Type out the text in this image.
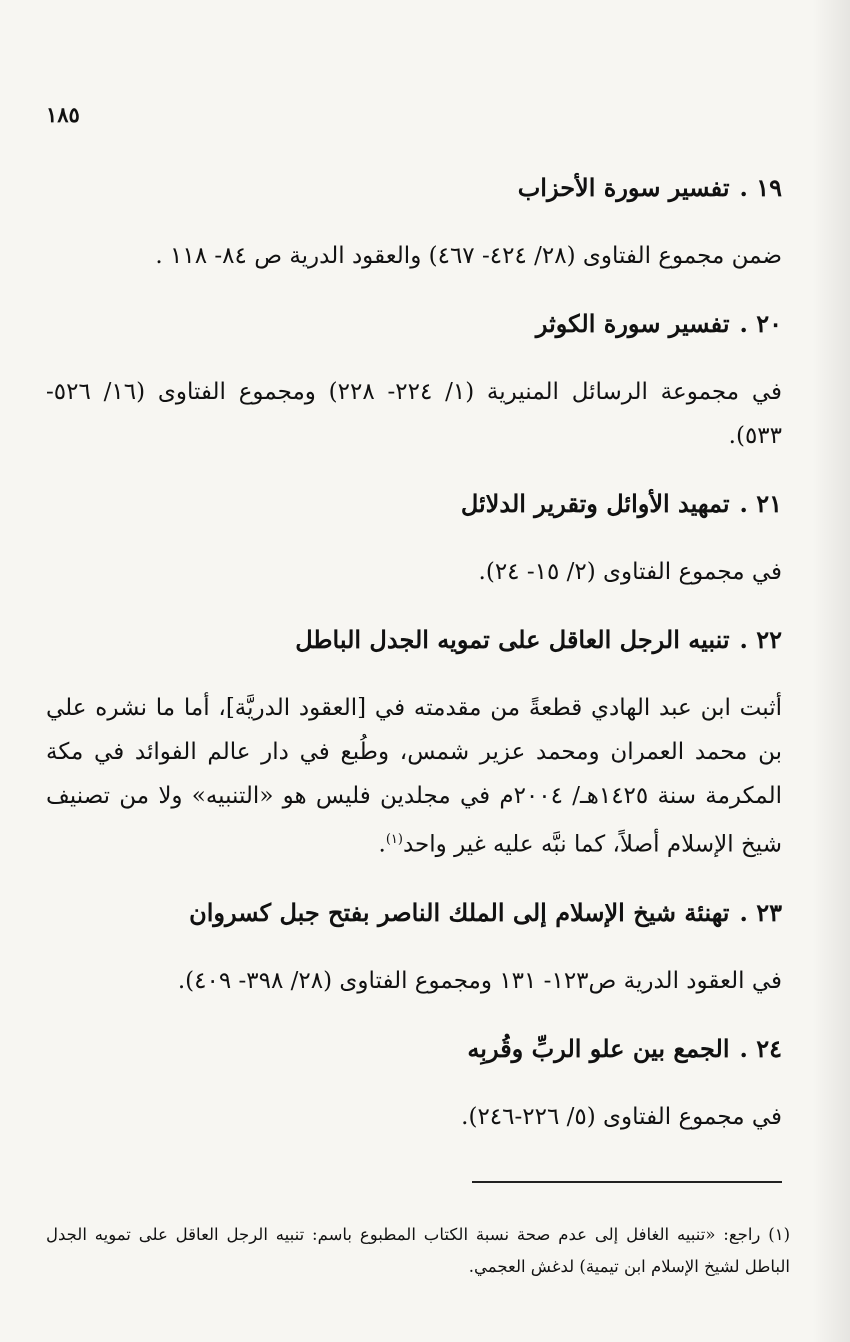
١٨٥

١٩ .تفسير سورة الأحزاب

ضمن مجموع الفتاوى (٢٨/ ٤٢٤- ٤٦٧) والعقود الدرية ص ٨٤- ١١٨ .

٢٠ .تفسير سورة الكوثر

في مجموعة الرسائل المنيرية (١/ ٢٢٤- ٢٢٨) ومجموع الفتاوى (١٦/ ٥٢٦- ٥٣٣).

٢١ .تمهيد الأوائل وتقرير الدلائل

في مجموع الفتاوى (٢/ ١٥- ٢٤).

٢٢ .تنبيه الرجل العاقل على تمويه الجدل الباطل

أثبت ابن عبد الهادي قطعةً من مقدمته في [العقود الدريَّة]، أما ما نشره علي بن محمد العمران ومحمد عزير شمس، وطُبع في دار عالم الفوائد في مكة المكرمة سنة ١٤٢٥هـ/ ٢٠٠٤م في مجلدين فليس هو «التنبيه» ولا من تصنيف شيخ الإسلام أصلاً، كما نبَّه عليه غير واحد$^{(١)}$.

٢٣ .تهنئة شيخ الإسلام إلى الملك الناصر بفتح جبل كسروان

في العقود الدرية ص١٢٣- ١٣١ ومجموع الفتاوى (٢٨/ ٣٩٨- ٤٠٩).

٢٤ .الجمع بين علو الربِّ وقُربِه

في مجموع الفتاوى (٥/ ٢٢٦-٢٤٦).

(١) راجع: «تنبيه الغافل إلى عدم صحة نسبة الكتاب المطبوع باسم: تنبيه الرجل العاقل على تمويه الجدل الباطل لشيخ الإسلام ابن تيمية) لدغش العجمي.
